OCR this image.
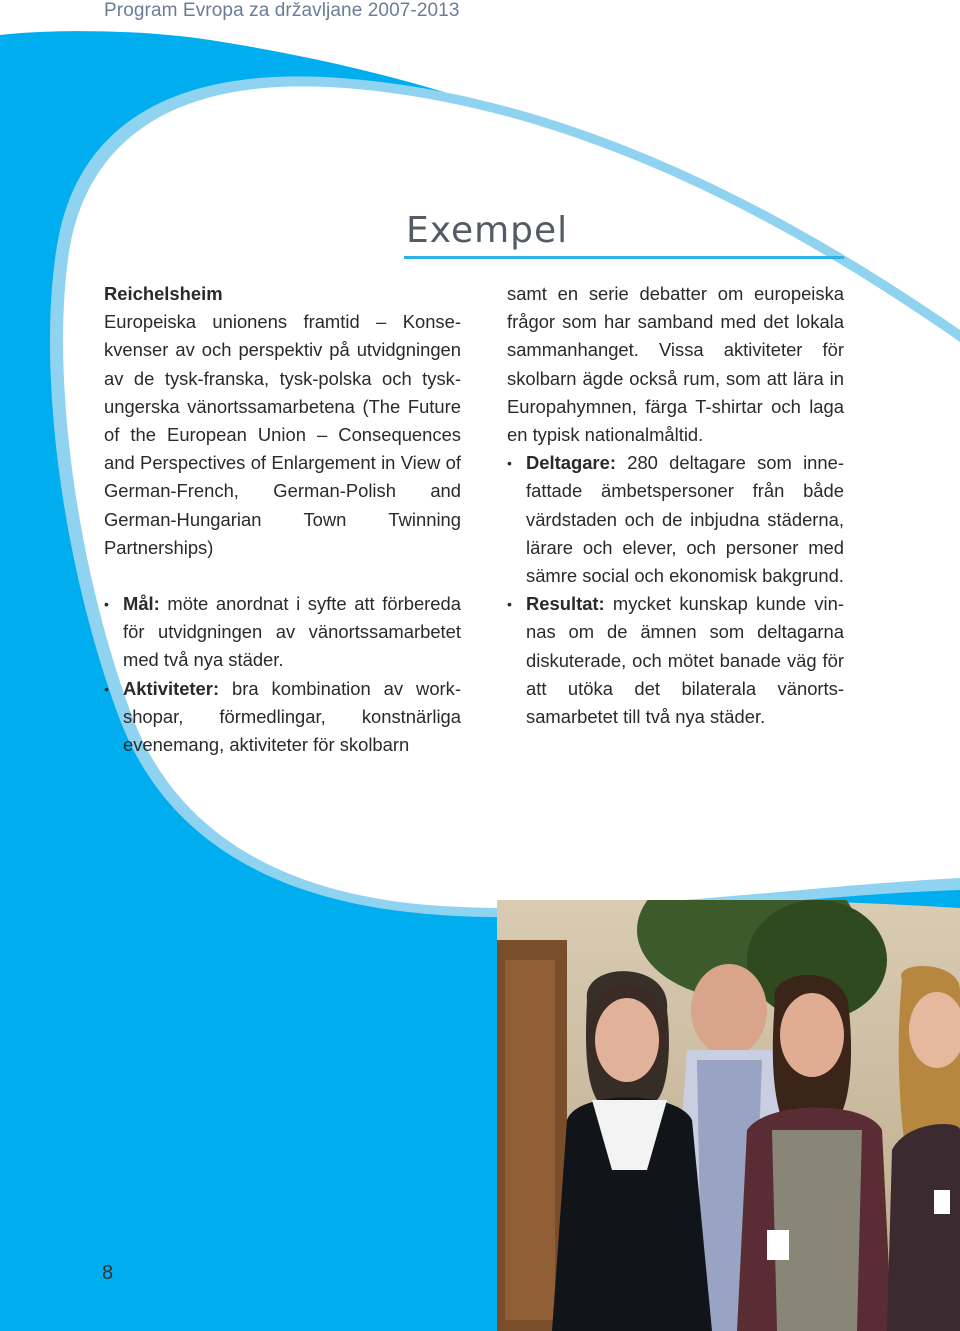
Program Evropa za državljane 2007-2013
Exempel

Reichelsheim

Europeiska unionens framtid – Konsekvenser av och perspektiv på utvidgningen av de tysk-franska, tysk-polska och tysk-ungerska vänortssamarbetena (The Future of the European Union – Consequences and Perspectives of Enlargement in View of German-French, German-Polish and German-Hungarian Town Twinning Partnerships)

• Mål: möte anordnat i syfte att förbereda för utvidgningen av vänortssamarbetet med två nya städer.
• Aktiviteter: bra kombination av workshopar, förmedlingar, konstnärliga evenemang, aktiviteter för skolbarn

samt en serie debatter om europeiska frågor som har samband med det lokala sammanhanget. Vissa aktiviteter för skolbarn ägde också rum, som att lära in Europahymnen, färga T-shirtar och laga en typisk nationalmåltid.

• Deltagare: 280 deltagare som innefattade ämbetspersoner från både värdstaden och de inbjudna städerna, lärare och elever, och personer med sämre social och ekonomisk bakgrund.
• Resultat: mycket kunskap kunde vinnas om de ämnen som deltagarna diskuterade, och mötet banade väg för att utöka det bilaterala vänortssamarbetet till två nya städer.
8
